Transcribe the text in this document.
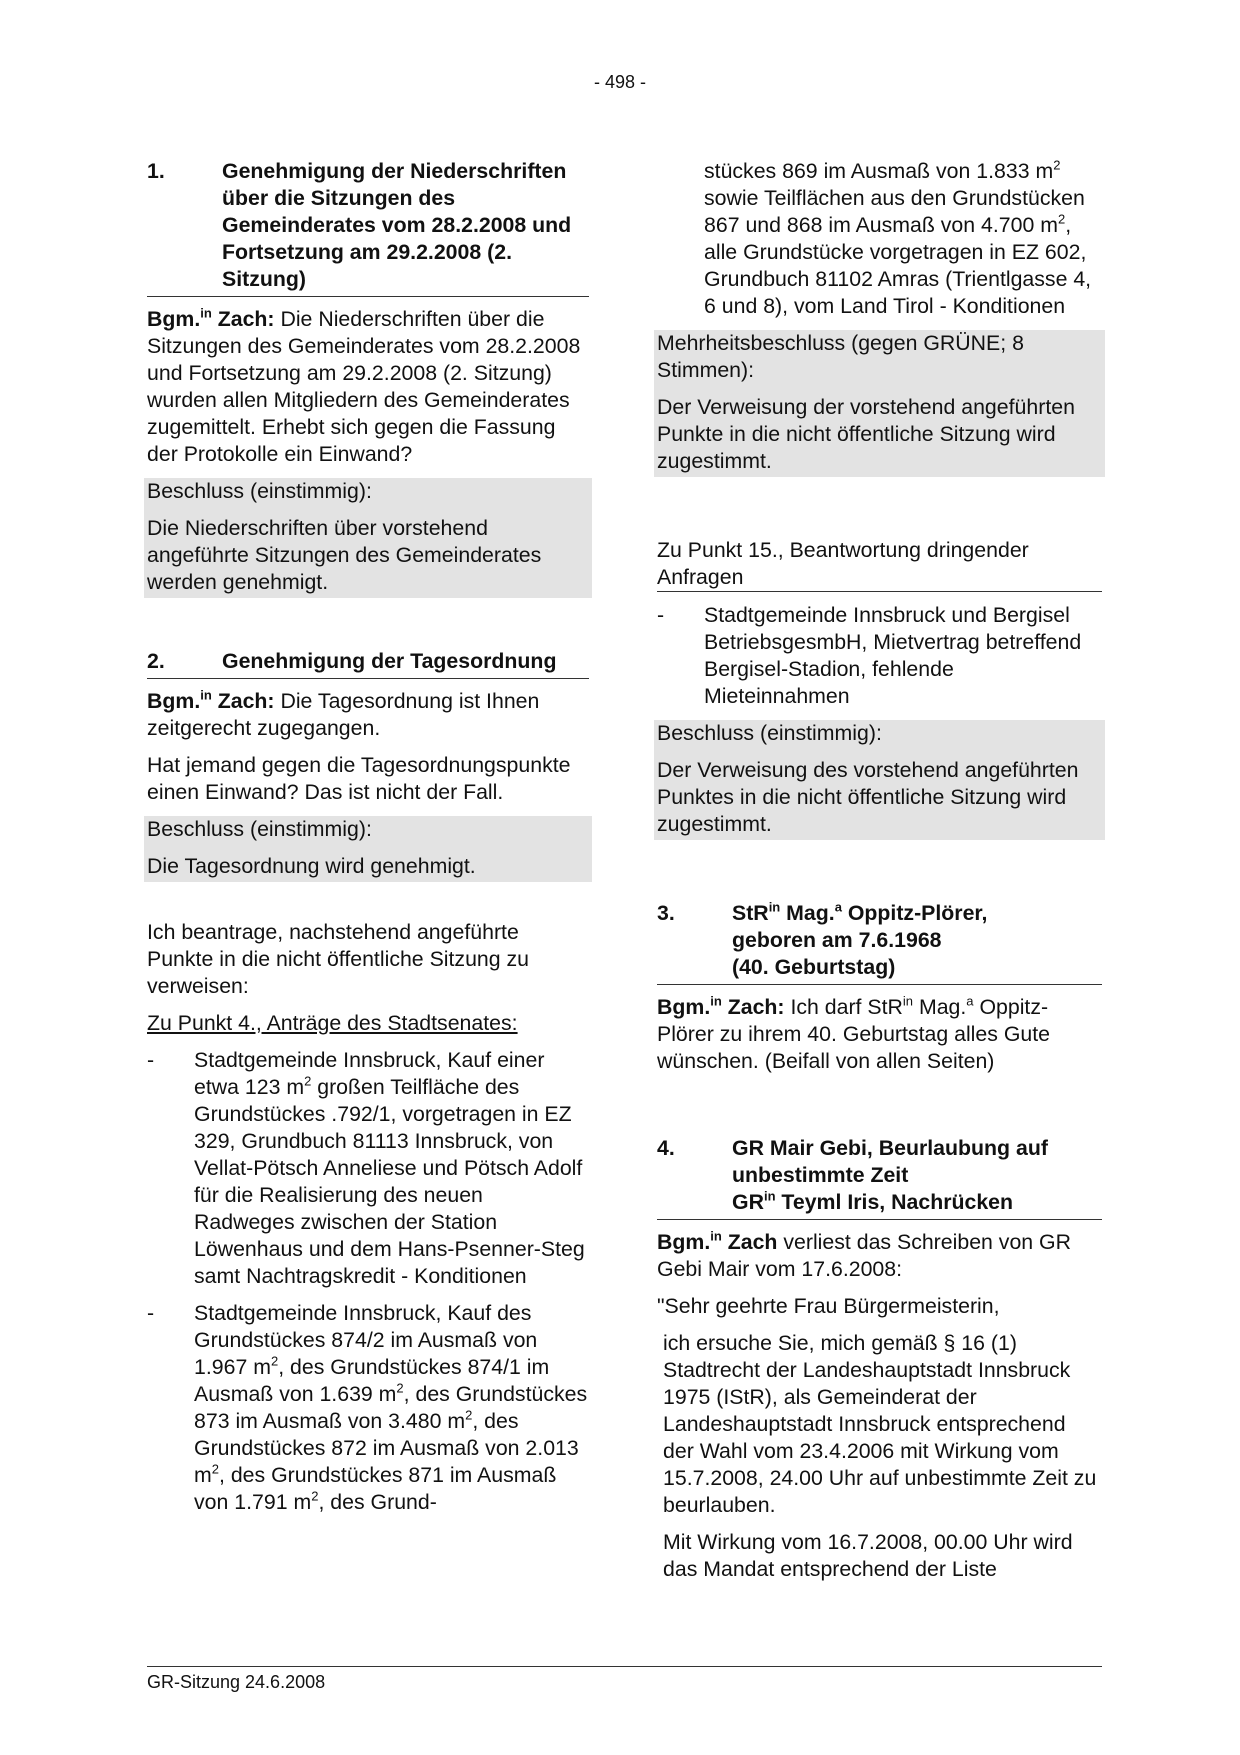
- 498 -
1.	Genehmigung der Niederschriften über die Sitzungen des Gemeinderates vom 28.2.2008 und Fortsetzung am 29.2.2008 (2. Sitzung)

Bgm.$^{in}$ Zach: Die Niederschriften über die Sitzungen des Gemeinderates vom 28.2.2008 und Fortsetzung am 29.2.2008 (2. Sitzung) wurden allen Mitgliedern des Gemeinderates zugemittelt. Erhebt sich gegen die Fassung der Protokolle ein Einwand?

Beschluss (einstimmig):

Die Niederschriften über vorstehend angeführte Sitzungen des Gemeinderates werden genehmigt.

2.	Genehmigung der Tagesordnung

Bgm.$^{in}$ Zach: Die Tagesordnung ist Ihnen zeitgerecht zugegangen.

Hat jemand gegen die Tagesordnungspunkte einen Einwand? Das ist nicht der Fall.

Beschluss (einstimmig):

Die Tagesordnung wird genehmigt.

Ich beantrage, nachstehend angeführte Punkte in die nicht öffentliche Sitzung zu verweisen:

Zu Punkt 4., Anträge des Stadtsenates:

-	Stadtgemeinde Innsbruck, Kauf einer etwa 123 $m^2$ großen Teilfläche des Grundstückes .792/1, vorgetragen in EZ 329, Grundbuch 81113 Innsbruck, von Vellat-Pötsch Anneliese und Pötsch Adolf für die Realisierung des neuen Radweges zwischen der Station Löwenhaus und dem Hans-Psenner-Steg samt Nachtragskredit - Konditionen
-	Stadtgemeinde Innsbruck, Kauf des Grundstückes 874/2 im Ausmaß von 1.967 $m^2$, des Grundstückes 874/1 im Ausmaß von 1.639 $m^2$, des Grundstückes 873 im Ausmaß von 3.480 $m^2$, des Grundstückes 872 im Ausmaß von 2.013 $m^2$, des Grundstückes 871 im Ausmaß von 1.791 $m^2$, des Grund-

stückes 869 im Ausmaß von 1.833 $m^2$ sowie Teilflächen aus den Grundstücken 867 und 868 im Ausmaß von 4.700 $m^2$, alle Grundstücke vorgetragen in EZ 602, Grundbuch 81102 Amras (Trientlgasse 4, 6 und 8), vom Land Tirol - Konditionen

Mehrheitsbeschluss (gegen GRÜNE; 8 Stimmen):

Der Verweisung der vorstehend angeführten Punkte in die nicht öffentliche Sitzung wird zugestimmt.

Zu Punkt 15., Beantwortung dringender Anfragen

-	Stadtgemeinde Innsbruck und Bergisel BetriebsgesmbH, Mietvertrag betreffend Bergisel-Stadion, fehlende Mieteinnahmen

Beschluss (einstimmig):

Der Verweisung des vorstehend angeführten Punktes in die nicht öffentliche Sitzung wird zugestimmt.

3.	StR$^{in}$ Mag.$^a$ Oppitz-Plörer,
geboren am 7.6.1968
(40. Geburtstag)

Bgm.$^{in}$ Zach: Ich darf StR$^{in}$ Mag.$^a$ Oppitz-Plörer zu ihrem 40. Geburtstag alles Gute wünschen. (Beifall von allen Seiten)

4.	GR Mair Gebi, Beurlaubung auf unbestimmte Zeit
$GR^{in}$ Teyml Iris, Nachrücken

Bgm.$^{in}$ Zach verliest das Schreiben von GR Gebi Mair vom 17.6.2008:

"Sehr geehrte Frau Bürgermeisterin,

ich ersuche Sie, mich gemäß § 16 (1) Stadtrecht der Landeshauptstadt Innsbruck 1975 (IStR), als Gemeinderat der Landeshauptstadt Innsbruck entsprechend der Wahl vom 23.4.2006 mit Wirkung vom 15.7.2008, 24.00 Uhr auf unbestimmte Zeit zu beurlauben.

Mit Wirkung vom 16.7.2008, 00.00 Uhr wird das Mandat entsprechend der Liste

GR-Sitzung 24.6.2008
